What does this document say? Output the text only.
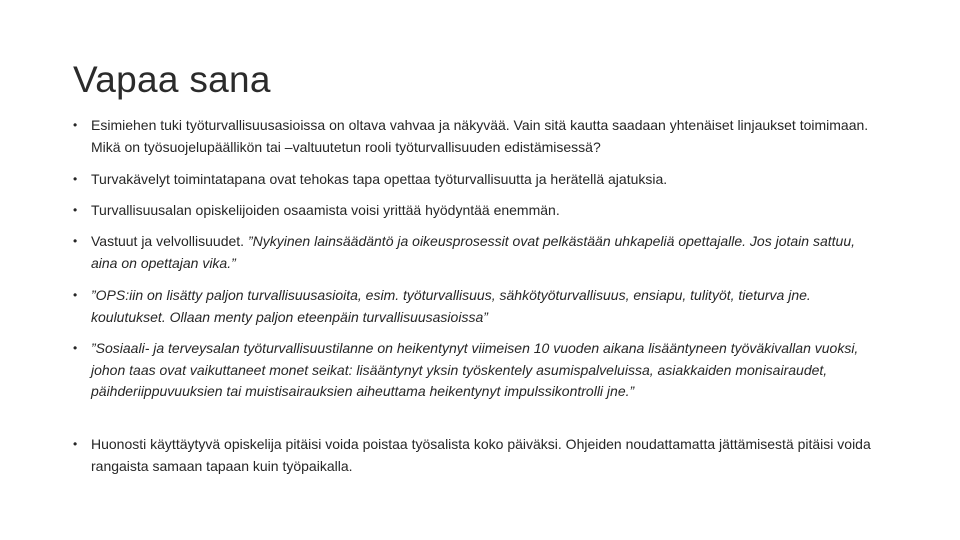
Vapaa sana
• Esimiehen tuki työturvallisuusasioissa on oltava vahvaa ja näkyvää. Vain sitä kautta saadaan yhtenäiset linjaukset toimimaan. Mikä on työsuojelupäällikön tai –valtuutetun rooli työturvallisuuden edistämisessä?
• Turvakävelyt toimintatapana ovat tehokas tapa opettaa työturvallisuutta ja herätellä ajatuksia.
• Turvallisuusalan opiskelijoiden osaamista voisi yrittää hyödyntää enemmän.
• Vastuut ja velvollisuudet. ”Nykyinen lainsäädäntö ja oikeusprosessit ovat pelkästään uhkapeliä opettajalle. Jos jotain sattuu, aina on opettajan vika.”
• ”OPS:iin on lisätty paljon turvallisuusasioita, esim. työturvallisuus, sähkötyöturvallisuus, ensiapu, tulityöt, tieturva jne. koulutukset. Ollaan menty paljon eteenpäin turvallisuusasioissa”
• ”Sosiaali- ja terveysalan työturvallisuustilanne on heikentynyt viimeisen 10 vuoden aikana lisääntyneen työväkivallan vuoksi, johon taas ovat vaikuttaneet monet seikat: lisääntynyt yksin työskentely asumispalveluissa, asiakkaiden monisairaudet, päihderiippuvuuksien tai muistisairauksien aiheuttama heikentynyt impulssikontrolli jne.”
• Huonosti käyttäytyvä opiskelija pitäisi voida poistaa työsalista koko päiväksi. Ohjeiden noudattamatta jättämisestä pitäisi voida rangaista samaan tapaan kuin työpaikalla.
